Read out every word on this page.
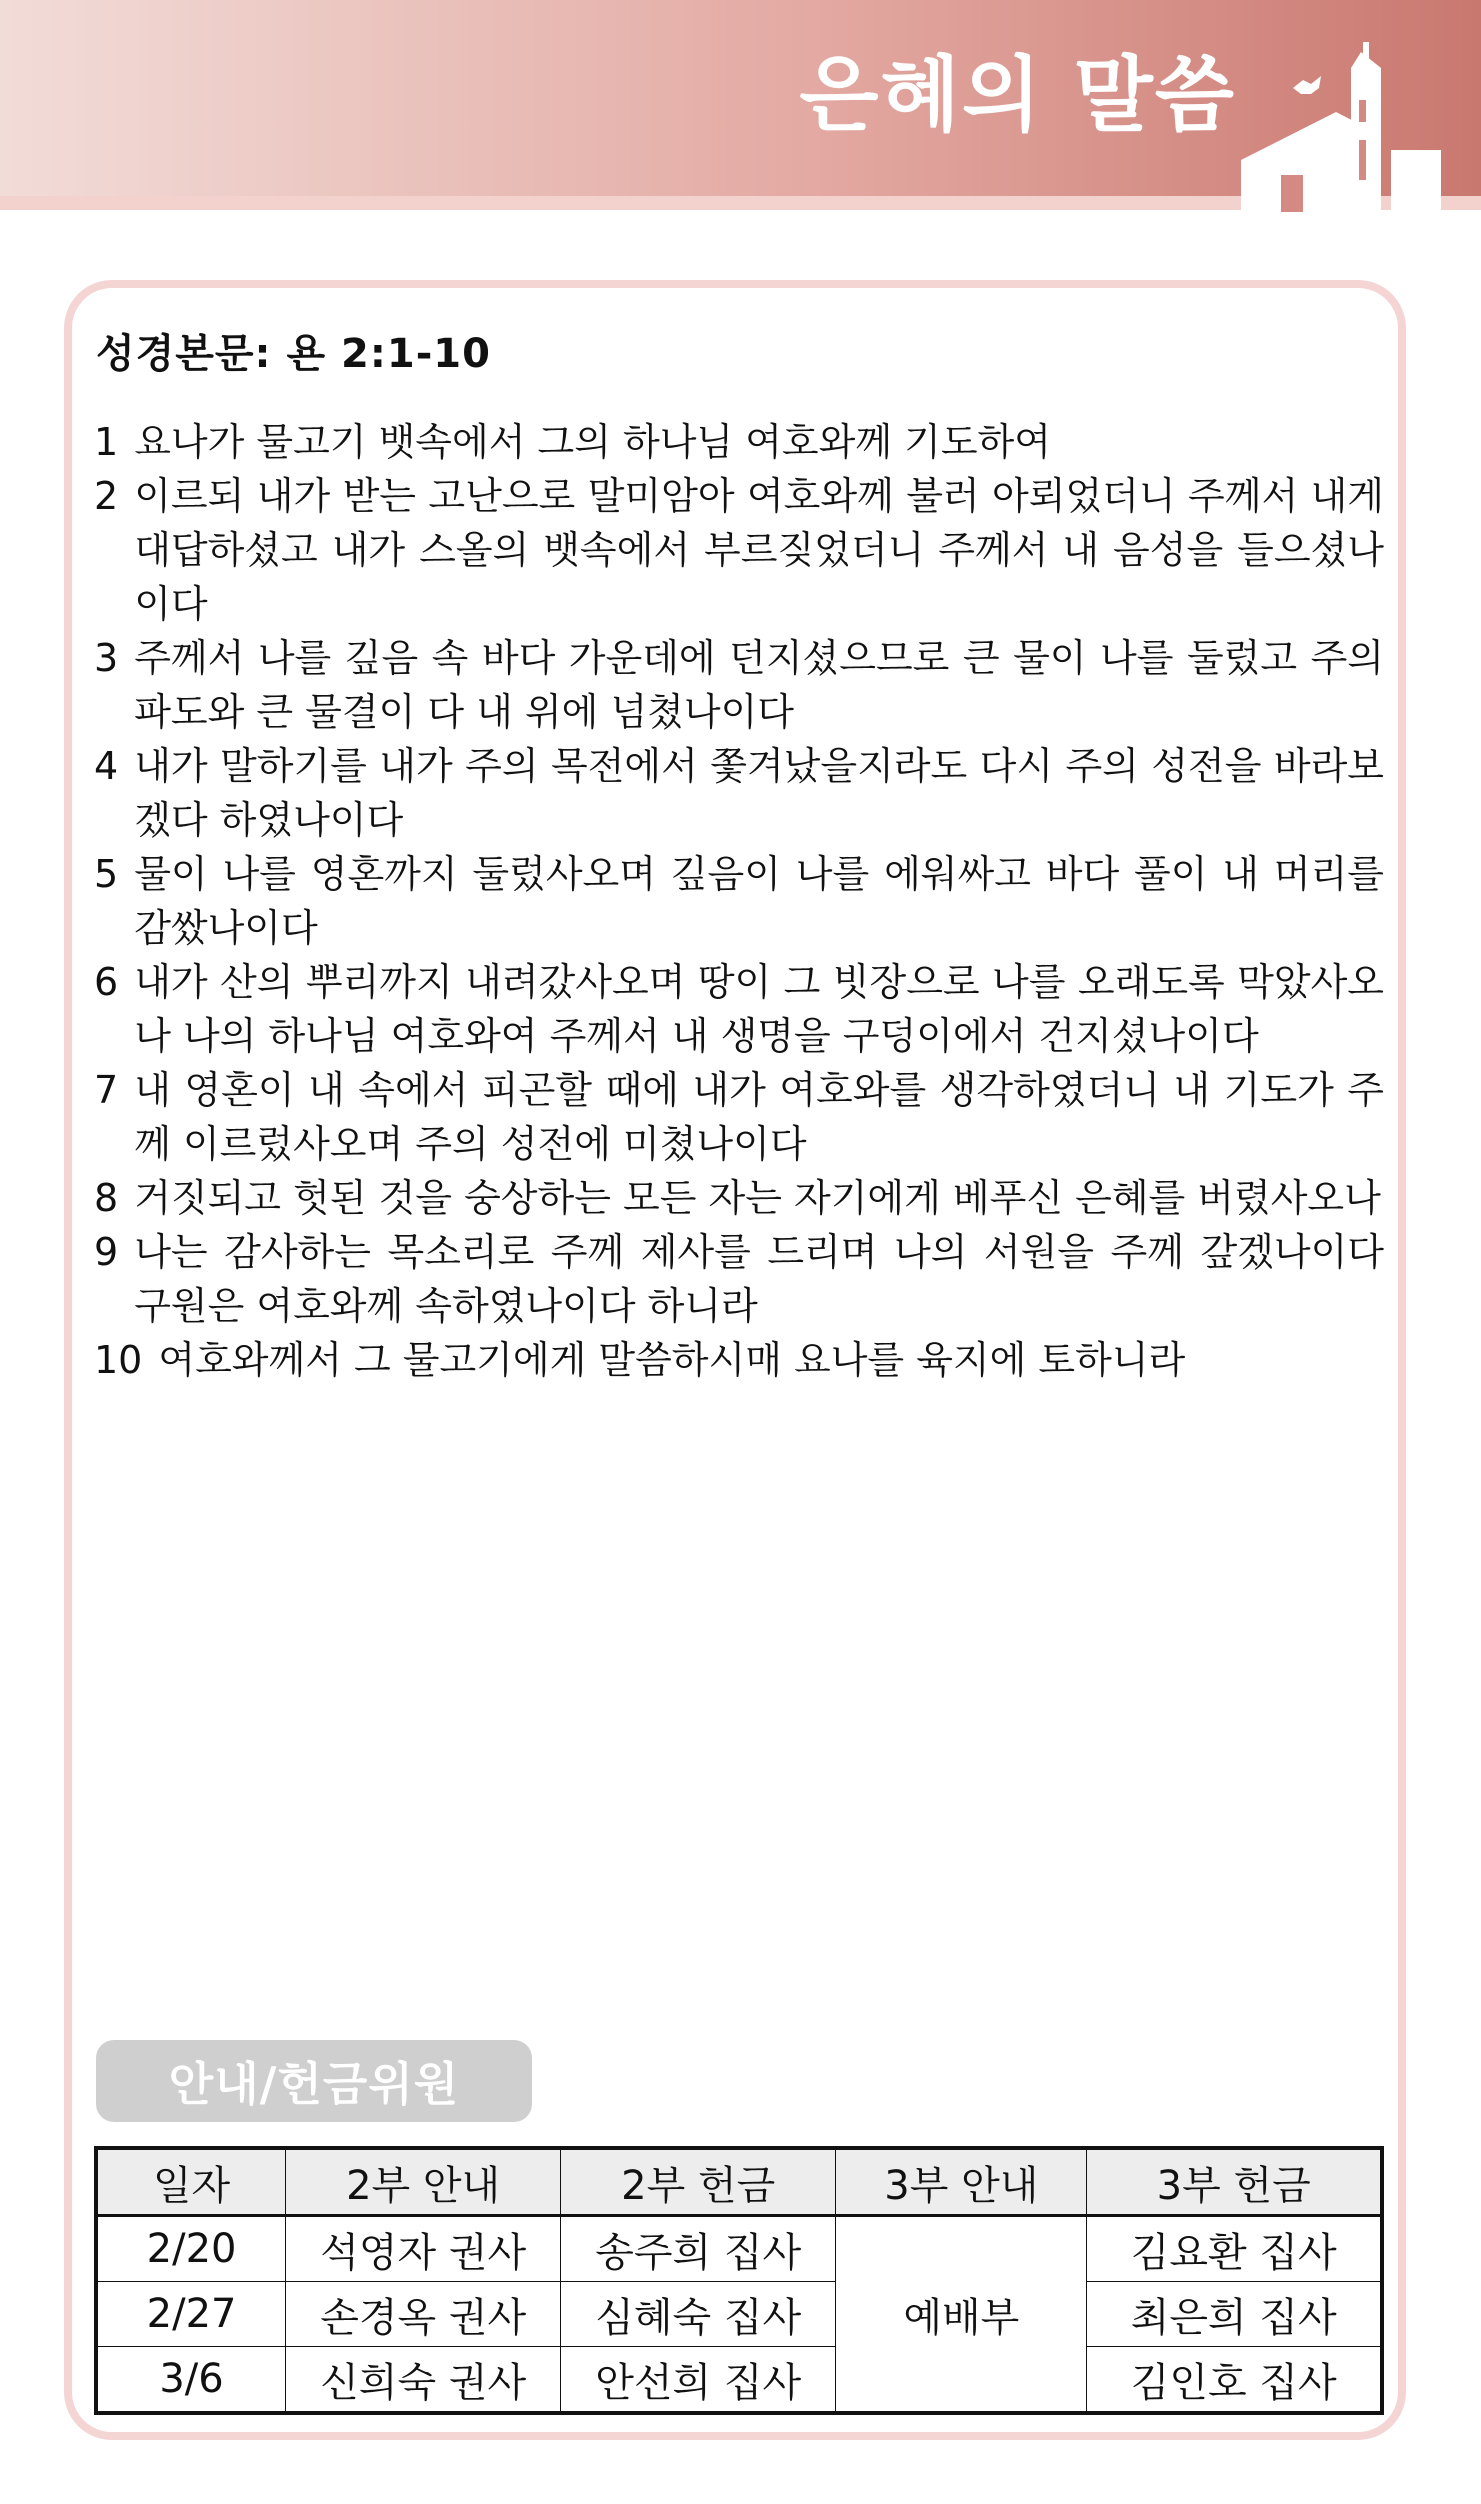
은혜의 말씀
성경본문: 욘 2:1-10
1 요나가 물고기 뱃속에서 그의 하나님 여호와께 기도하여
2 이르되 내가 받는 고난으로 말미암아 여호와께 불러 아뢰었더니 주께서 내게 대답하셨고 내가 스올의 뱃속에서 부르짖었더니 주께서 내 음성을 들으셨나이다
3 주께서 나를 깊음 속 바다 가운데에 던지셨으므로 큰 물이 나를 둘렀고 주의 파도와 큰 물결이 다 내 위에 넘쳤나이다
4 내가 말하기를 내가 주의 목전에서 쫓겨났을지라도 다시 주의 성전을 바라보겠다 하였나이다
5 물이 나를 영혼까지 둘렀사오며 깊음이 나를 에워싸고 바다 풀이 내 머리를 감쌌나이다
6 내가 산의 뿌리까지 내려갔사오며 땅이 그 빗장으로 나를 오래도록 막았사오나 나의 하나님 여호와여 주께서 내 생명을 구덩이에서 건지셨나이다
7 내 영혼이 내 속에서 피곤할 때에 내가 여호와를 생각하였더니 내 기도가 주께 이르렀사오며 주의 성전에 미쳤나이다
8 거짓되고 헛된 것을 숭상하는 모든 자는 자기에게 베푸신 은혜를 버렸사오나
9 나는 감사하는 목소리로 주께 제사를 드리며 나의 서원을 주께 갚겠나이다 구원은 여호와께 속하였나이다 하니라
10 여호와께서 그 물고기에게 말씀하시매 요나를 육지에 토하니라
안내/헌금위원
일자	2부 안내	2부 헌금	3부 안내	3부 헌금
2/20	석영자 권사	송주희 집사	예배부	김요환 집사
2/27	손경옥 권사	심혜숙 집사		최은희 집사
3/6	신희숙 권사	안선희 집사		김인호 집사
